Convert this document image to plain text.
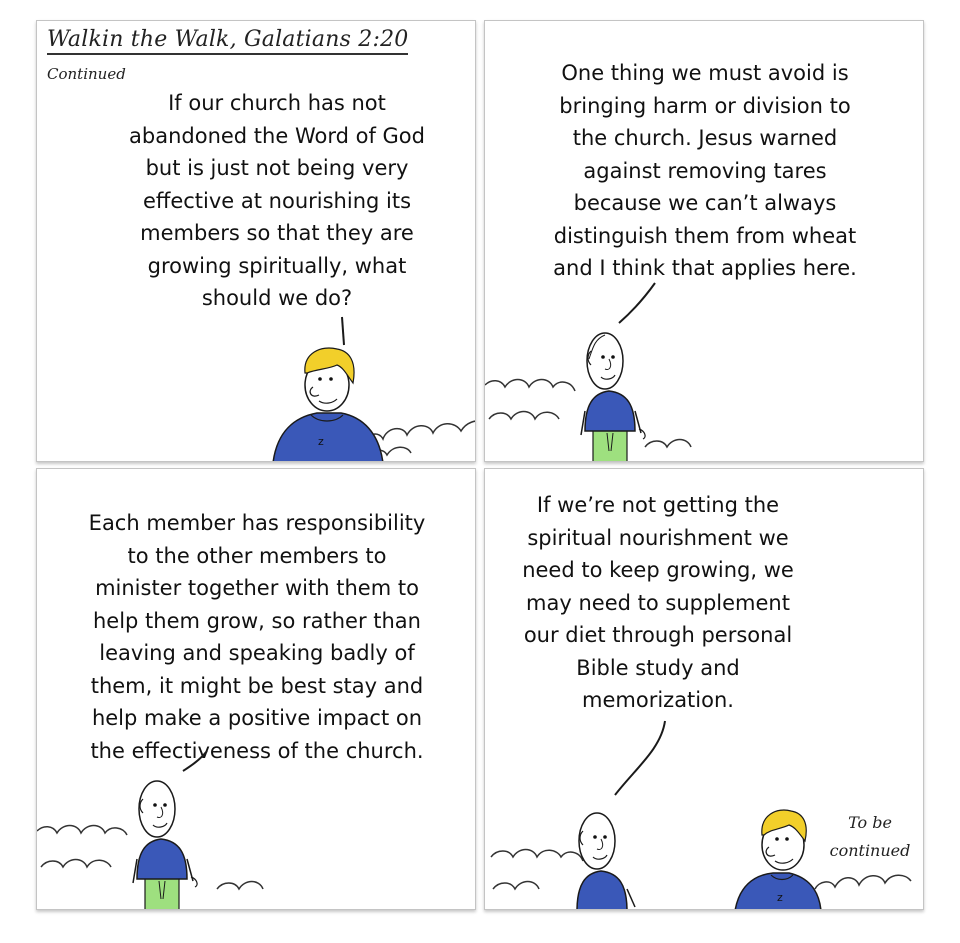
Walkin the Walk, Galatians 2:20
Continued
If our church has not
abandoned the Word of God
but is just not being very
effective at nourishing its
members so that they are
growing spiritually, what
should we do?
z
One thing we must avoid is
bringing harm or division to
the church. Jesus warned
against removing tares
because we can’t always
distinguish them from wheat
and I think that applies here.
Each member has responsibility
to the other members to
minister together with them to
help them grow, so rather than
leaving and speaking badly of
them, it might be best stay and
help make a positive impact on
the effectiveness of the church.
If we’re not getting the
spiritual nourishment we
need to keep growing, we
may need to supplement
our diet through personal
Bible study and
memorization.
To be
continued
z
